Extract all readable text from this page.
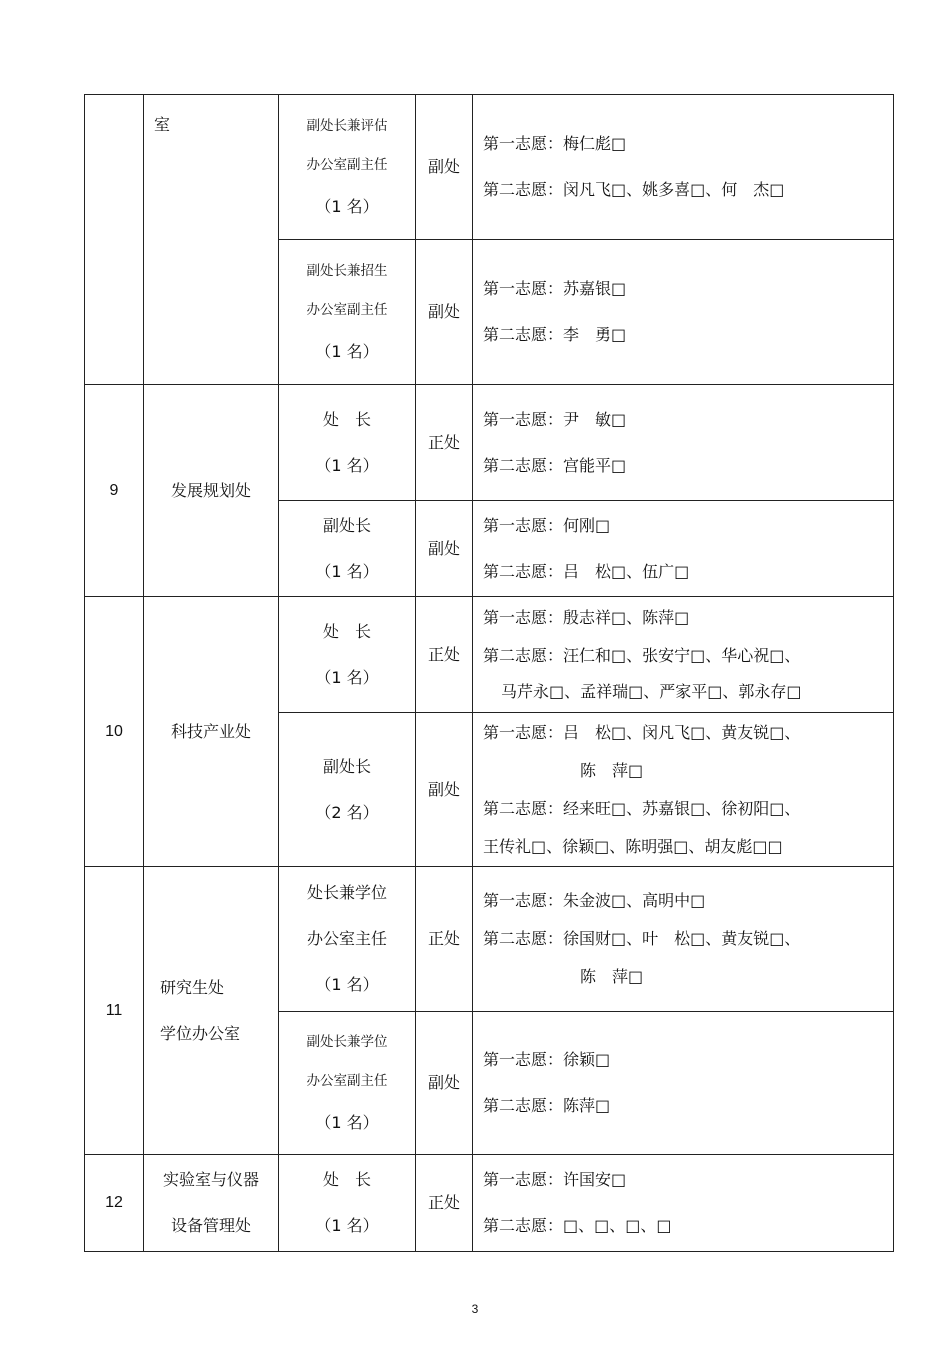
	室	副处长兼评估
办公室副主任
（1 名）	副处	第一志愿：梅仁彪□
第二志愿：闵凡飞□、姚多喜□、何　杰□

		副处长兼招生
办公室副主任
（1 名）	副处	第一志愿：苏嘉银□
第二志愿：李　勇□

9	发展规划处	处　长
（1 名）	正处	第一志愿：尹　敏□
第二志愿：宫能平□

		副处长
（1 名）	副处	第一志愿：何刚□
第二志愿：吕　松□、伍广□

10	科技产业处	处　长
（1 名）	正处	第一志愿：殷志祥□、陈萍□
第二志愿：汪仁和□、张安宁□、华心祝□、
马芹永□、孟祥瑞□、严家平□、郭永存□

		副处长
（2 名）	副处	第一志愿：吕　松□、闵凡飞□、黄友锐□、
陈　萍□
第二志愿：经来旺□、苏嘉银□、徐初阳□、
王传礼□、徐颖□、陈明强□、胡友彪□□

11	研究生处
学位办公室	处长兼学位
办公室主任
（1 名）	正处	第一志愿：朱金波□、高明中□
第二志愿：徐国财□、叶　松□、黄友锐□、
陈　萍□

		副处长兼学位
办公室副主任
（1 名）	副处	第一志愿：徐颖□
第二志愿：陈萍□

12	实验室与仪器
设备管理处	处　长
（1 名）	正处	第一志愿：许国安□
第二志愿：□、□、□、□
3
